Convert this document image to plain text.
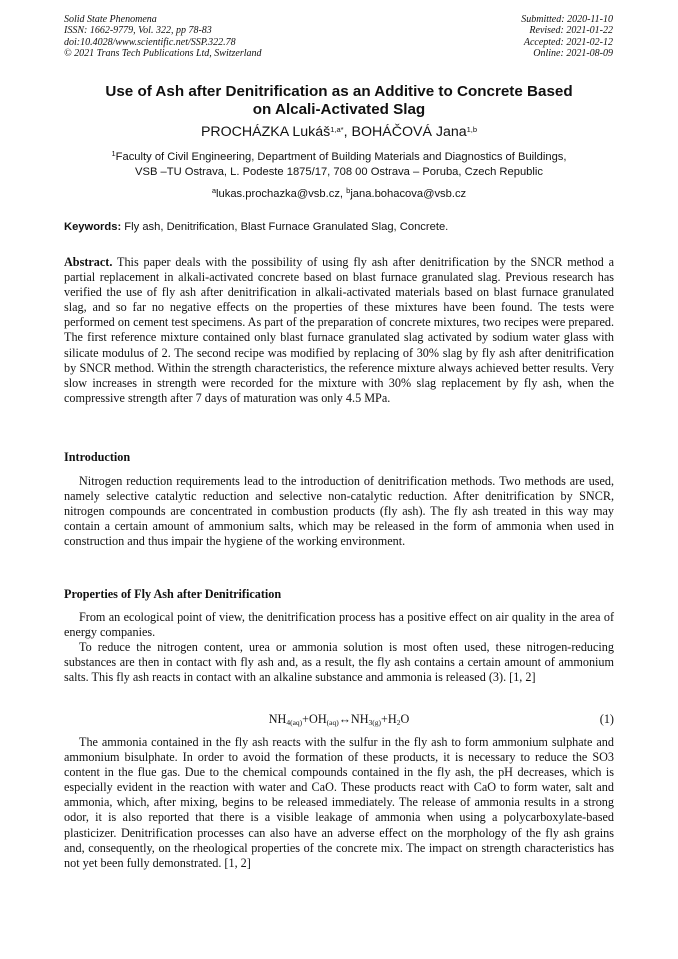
Solid State Phenomena
ISSN: 1662-9779, Vol. 322, pp 78-83
doi:10.4028/www.scientific.net/SSP.322.78
© 2021 Trans Tech Publications Ltd, Switzerland
Submitted: 2020-11-10
Revised: 2021-01-22
Accepted: 2021-02-12
Online: 2021-08-09
Use of Ash after Denitrification as an Additive to Concrete Based
on Alcali-Activated Slag
PROCHÁZKA Lukáš$^{1,a*}$, BOHÁČOVÁ Jana$^{1,b}$
$^1$Faculty of Civil Engineering, Department of Building Materials and Diagnostics of Buildings,
VSB –TU Ostrava, L. Podeste 1875/17, 708 00 Ostrava – Poruba, Czech Republic
$^a$lukas.prochazka@vsb.cz, $^b$jana.bohacova@vsb.cz
Keywords: Fly ash, Denitrification, Blast Furnace Granulated Slag, Concrete.

Abstract. This paper deals with the possibility of using fly ash after denitrification by the SNCR method a partial replacement in alkali-activated concrete based on blast furnace granulated slag. Previous research has verified the use of fly ash after denitrification in alkali-activated materials based on blast furnace granulated slag, and so far no negative effects on the properties of these mixtures have been found. The tests were performed on cement test specimens. As part of the preparation of concrete mixtures, two recipes were prepared. The first reference mixture contained only blast furnace granulated slag activated by sodium water glass with silicate modulus of 2. The second recipe was modified by replacing of 30% slag by fly ash after denitrification by SNCR method. Within the strength characteristics, the reference mixture always achieved better results. Very slow increases in strength were recorded for the mixture with 30% slag replacement by fly ash, when the compressive strength after 7 days of maturation was only 4.5 MPa.

Introduction

Nitrogen reduction requirements lead to the introduction of denitrification methods. Two methods are used, namely selective catalytic reduction and selective non-catalytic reduction. After denitrification by SNCR, nitrogen compounds are concentrated in combustion products (fly ash). The fly ash treated in this way may contain a certain amount of ammonium salts, which may be released in the form of ammonia when used in construction and thus impair the hygiene of the working environment.

Properties of Fly Ash after Denitrification

From an ecological point of view, the denitrification process has a positive effect on air quality in the area of energy companies.

To reduce the nitrogen content, urea or ammonia solution is most often used, these nitrogen-reducing substances are then in contact with fly ash and, as a result, the fly ash contains a certain amount of ammonium salts. This fly ash reacts in contact with an alkaline substance and ammonia is released (3). [1, 2]

$NH_{4(aq)}+OH_{(aq)}\leftrightarrow NH_{3(g)}+H_2O$	(1)

The ammonia contained in the fly ash reacts with the sulfur in the fly ash to form ammonium sulphate and ammonium bisulphate. In order to avoid the formation of these products, it is necessary to reduce the SO3 content in the flue gas. Due to the chemical compounds contained in the fly ash, the pH decreases, which is especially evident in the reaction with water and CaO. These products react with CaO to form water, salt and ammonia, which, after mixing, begins to be released immediately. The release of ammonia results in a strong odor, it is also reported that there is a visible leakage of ammonia when using a polycarboxylate-based plasticizer. Denitrification processes can also have an adverse effect on the morphology of the fly ash grains and, consequently, on the rheological properties of the concrete mix. The impact on strength characteristics has not yet been fully demonstrated. [1, 2]
